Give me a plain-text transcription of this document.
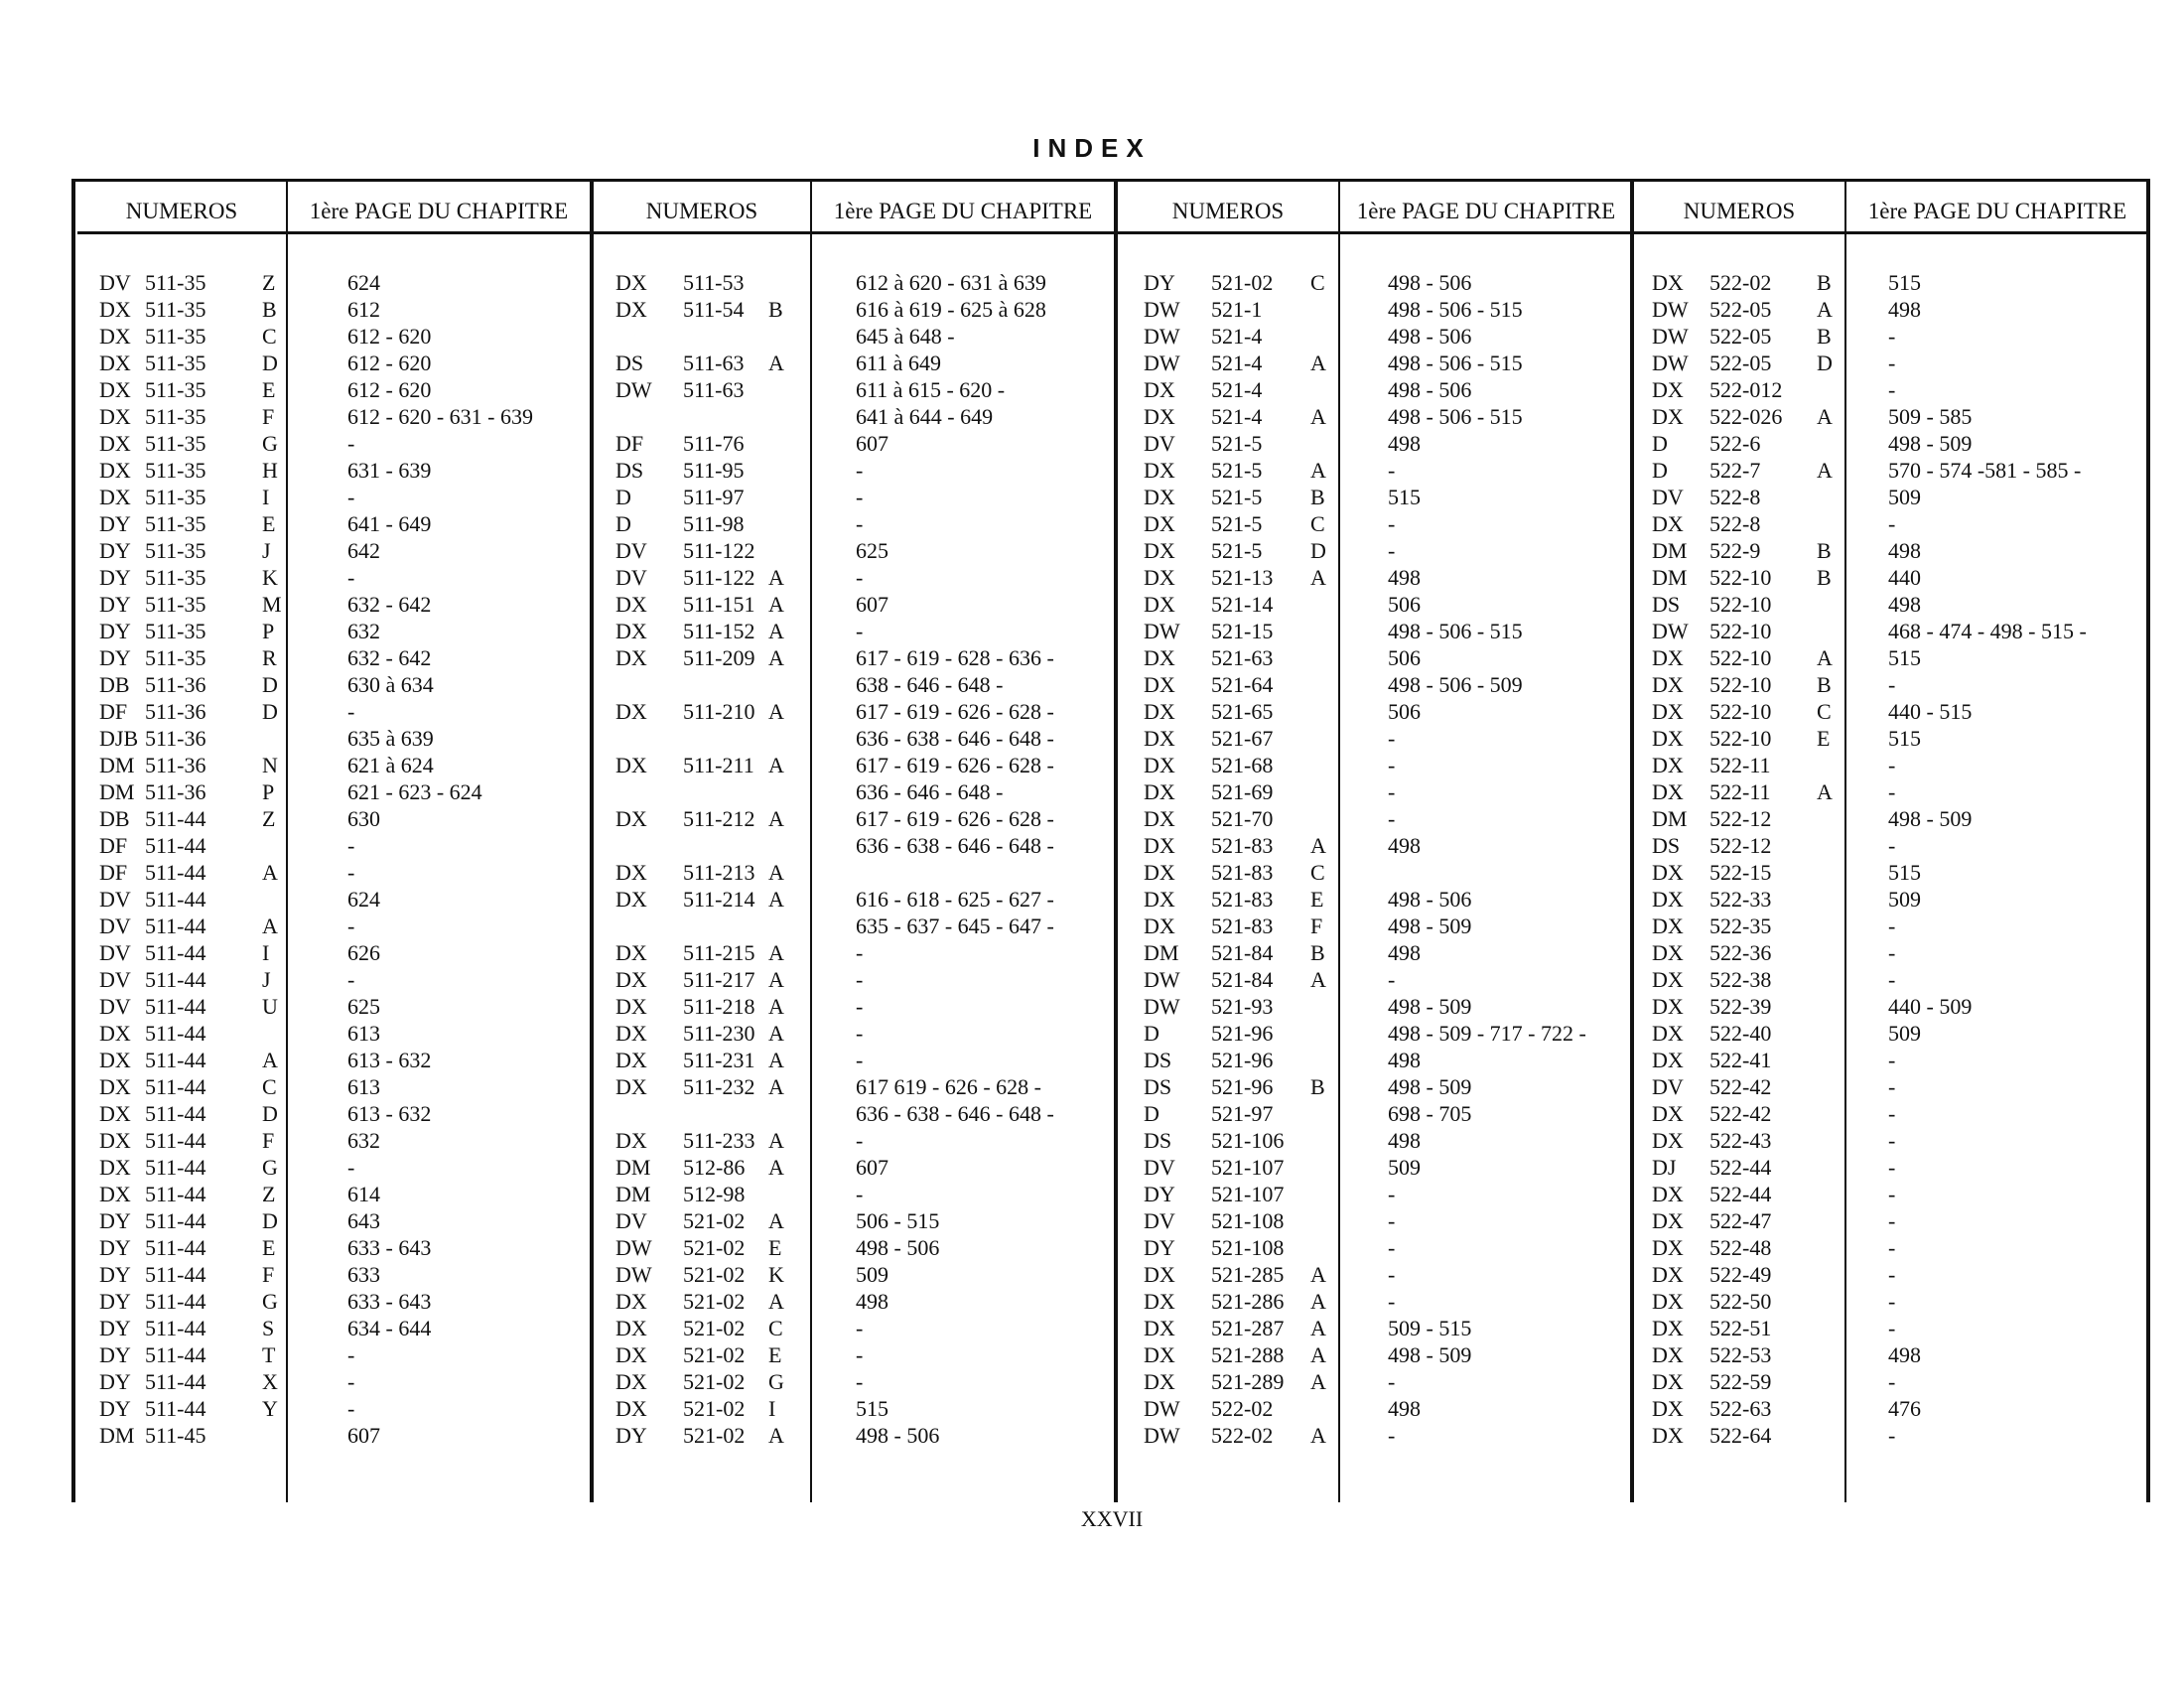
INDEX
NUMEROS	1ère PAGE DU CHAPITRE	NUMEROS	1ère PAGE DU CHAPITRE	NUMEROS	1ère PAGE DU CHAPITRE	NUMEROS	1ère PAGE DU CHAPITRE
DV 511-35	Z	624
DX 511-35	B	612
DX 511-35	C	612 - 620
DX 511-35	D	612 - 620
DX 511-35	E	612 - 620
DX 511-35	F	612 - 620 - 631 - 639
DX 511-35	G	-
DX 511-35	H	631 - 639
DX 511-35	I	-
DY 511-35	E	641 - 649
DY 511-35	J	642
DY 511-35	K	-
DY 511-35	M	632 - 642
DY 511-35	P	632
DY 511-35	R	632 - 642
DB 511-36	D	630 à 634
DF 511-36	D	-
DJB 511-36	635 à 639
DM 511-36	N	621 à 624
DM 511-36	P	621 - 623 - 624
DB 511-44	Z	630
DF 511-44	-
DF 511-44	A	-
DV 511-44	624
DV 511-44	A	-
DV 511-44	I	626
DV 511-44	J	-
DV 511-44	U	625
DX 511-44	613
DX 511-44	A	613 - 632
DX 511-44	C	613
DX 511-44	D	613 - 632
DX 511-44	F	632
DX 511-44	G	-
DX 511-44	Z	614
DY 511-44	D	643
DY 511-44	E	633 - 643
DY 511-44	F	633
DY 511-44	G	633 - 643
DY 511-44	S	634 - 644
DY 511-44	T	-
DY 511-44	X	-
DY 511-44	Y	-
DM 511-45	607
DX 511-53	612 à 620 - 631 à 639
DX 511-54 B	616 à 619 - 625 à 628
645 à 648 -
DS 511-63 A	611 à 649
DW 511-63	611 à 615 - 620 -
641 à 644 - 649
DF 511-76	607
DS 511-95	-
D 511-97	-
D 511-98	-
DV 511-122	625
DV 511-122 A	-
DX 511-151 A	607
DX 511-152 A	-
DX 511-209 A	617 - 619 - 628 - 636 -
638 - 646 - 648 -
DX 511-210 A	617 - 619 - 626 - 628 -
636 - 638 - 646 - 648 -
DX 511-211 A	617 - 619 - 626 - 628 -
636 - 646 - 648 -
DX 511-212 A	617 - 619 - 626 - 628 -
636 - 638 - 646 - 648 -
DX 511-213 A
DX 511-214 A	616 - 618 - 625 - 627 -
635 - 637 - 645 - 647 -
DX 511-215 A	-
DX 511-217 A	-
DX 511-218 A	-
DX 511-230 A	-
DX 511-231 A	-
DX 511-232 A	617 619 - 626 - 628 -
636 - 638 - 646 - 648 -
DX 511-233 A	-
DM 512-86 A	607
DM 512-98	-
DV 521-02 A	506 - 515
DW 521-02 E	498 - 506
DW 521-02 K	509
DX 521-02 A	498
DX 521-02 C	-
DX 521-02 E	-
DX 521-02 G	-
DX 521-02 I	515
DY 521-02 A	498 - 506
DY 521-02 C	498 - 506
DW 521-1	498 - 506 - 515
DW 521-4	498 - 506
DW 521-4 A	498 - 506 - 515
DX 521-4	498 - 506
DX 521-4 A	498 - 506 - 515
DV 521-5	498
DX 521-5 A	-
DX 521-5 B	515
DX 521-5 C	-
DX 521-5 D	-
DX 521-13 A	498
DX 521-14	506
DW 521-15	498 - 506 - 515
DX 521-63	506
DX 521-64	498 - 506 - 509
DX 521-65	506
DX 521-67	-
DX 521-68	-
DX 521-69	-
DX 521-70	-
DX 521-83 A	498
DX 521-83 C
DX 521-83 E	498 - 506
DX 521-83 F	498 - 509
DM 521-84 B	498
DW 521-84 A	-
DW 521-93	498 - 509
D 521-96	498 - 509 - 717 - 722 -
DS 521-96	498
DS 521-96 B	498 - 509
D 521-97	698 - 705
DS 521-106	498
DV 521-107	509
DY 521-107	-
DV 521-108	-
DY 521-108	-
DX 521-285 A	-
DX 521-286 A	-
DX 521-287 A	509 - 515
DX 521-288 A	498 - 509
DX 521-289 A	-
DW 522-02	498
DW 522-02 A	-
DX 522-02 B	515
DW 522-05 A	498
DW 522-05 B	-
DW 522-05 D	-
DX 522-012	-
DX 522-026 A	509 - 585
D 522-6	498 - 509
D 522-7	A	570 - 574 -581 - 585 -
DV 522-8	509
DX 522-8	-
DM 522-9	B	498
DM 522-10 B	440
DS 522-10	498
DW 522-10	468 - 474 - 498 - 515 -
DX 522-10 A	515
DX 522-10 B	-
DX 522-10 C	440 - 515
DX 522-10 E	515
DX 522-11	-
DX 522-11 A	-
DM 522-12	498 - 509
DS 522-12	-
DX 522-15	515
DX 522-33	509
DX 522-35	-
DX 522-36	-
DX 522-38	-
DX 522-39	440 - 509
DX 522-40	509
DX 522-41	-
DV 522-42	-
DX 522-42	-
DX 522-43	-
DJ 522-44	-
DX 522-44	-
DX 522-47	-
DX 522-48	-
DX 522-49	-
DX 522-50	-
DX 522-51	-
DX 522-53	498
DX 522-59	-
DX 522-63	476
DX 522-64	-
XXVII
